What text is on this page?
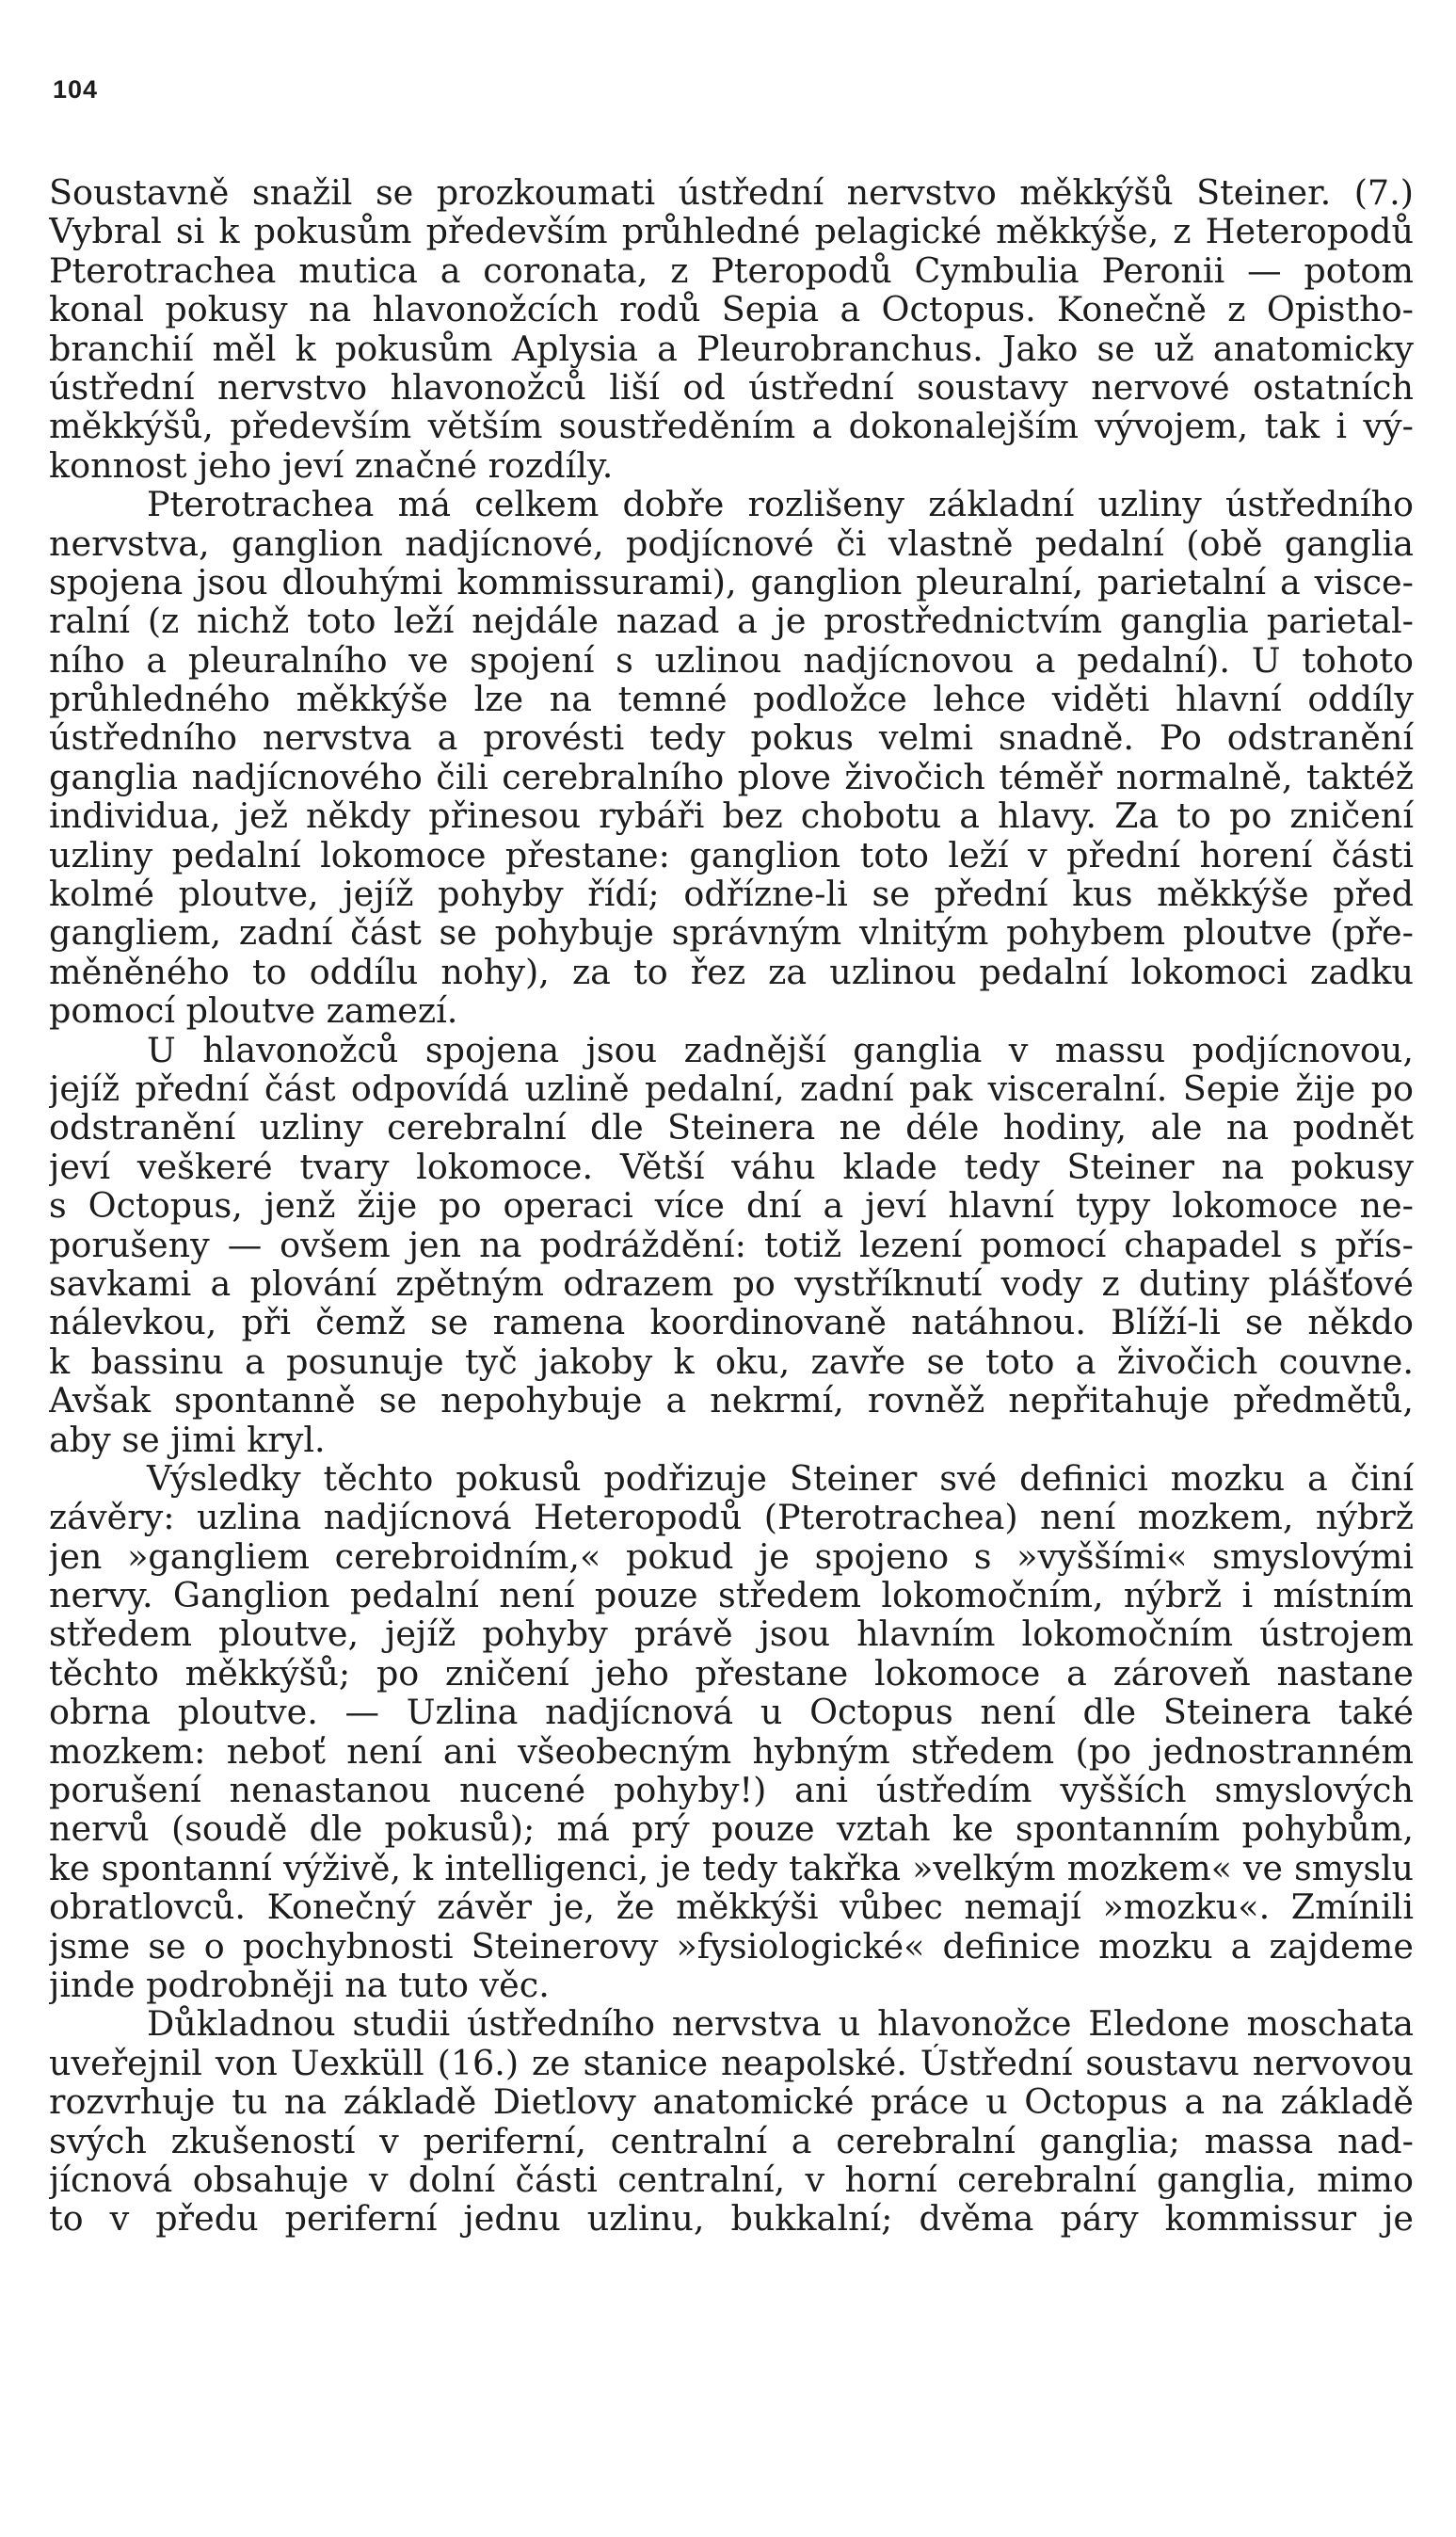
104
Soustavně snažil se prozkoumati ústřední nervstvo měkkýšů Steiner. (7.)
Vybral si k pokusům především průhledné pelagické měkkýše, z Heteropodů
Pterotrachea mutica a coronata, z Pteropodů Cymbulia Peronii — potom
konal pokusy na hlavonožcích rodů Sepia a Octopus. Konečně z Opistho-
branchií měl k pokusům Aplysia a Pleurobranchus. Jako se už anatomicky
ústřední nervstvo hlavonožců liší od ústřední soustavy nervové ostatních
měkkýšů, především větším soustředěním a dokonalejším vývojem, tak i vý-
konnost jeho jeví značné rozdíly.
Pterotrachea má celkem dobře rozlišeny základní uzliny ústředního
nervstva, ganglion nadjícnové, podjícnové či vlastně pedalní (obě ganglia
spojena jsou dlouhými kommissurami), ganglion pleuralní, parietalní a visce-
ralní (z nichž toto leží nejdále nazad a je prostřednictvím ganglia parietal-
ního a pleuralního ve spojení s uzlinou nadjícnovou a pedalní). U tohoto
průhledného měkkýše lze na temné podložce lehce viděti hlavní oddíly
ústředního nervstva a provésti tedy pokus velmi snadně. Po odstranění
ganglia nadjícnového čili cerebralního plove živočich téměř normalně, taktéž
individua, jež někdy přinesou rybáři bez chobotu a hlavy. Za to po zničení
uzliny pedalní lokomoce přestane: ganglion toto leží v přední horení části
kolmé ploutve, jejíž pohyby řídí; odřízne-li se přední kus měkkýše před
gangliem, zadní část se pohybuje správným vlnitým pohybem ploutve (pře-
měněného to oddílu nohy), za to řez za uzlinou pedalní lokomoci zadku
pomocí ploutve zamezí.
U hlavonožců spojena jsou zadnější ganglia v massu podjícnovou,
jejíž přední část odpovídá uzlině pedalní, zadní pak visceralní. Sepie žije po
odstranění uzliny cerebralní dle Steinera ne déle hodiny, ale na podnět
jeví veškeré tvary lokomoce. Větší váhu klade tedy Steiner na pokusy
s Octopus, jenž žije po operaci více dní a jeví hlavní typy lokomoce ne-
porušeny — ovšem jen na podráždění: totiž lezení pomocí chapadel s přís-
savkami a plování zpětným odrazem po vystříknutí vody z dutiny plášťové
nálevkou, při čemž se ramena koordinovaně natáhnou. Blíží-li se někdo
k bassinu a posunuje tyč jakoby k oku, zavře se toto a živočich couvne.
Avšak spontanně se nepohybuje a nekrmí, rovněž nepřitahuje předmětů,
aby se jimi kryl.
Výsledky těchto pokusů podřizuje Steiner své definici mozku a činí
závěry: uzlina nadjícnová Heteropodů (Pterotrachea) není mozkem, nýbrž
jen »gangliem cerebroidním,« pokud je spojeno s »vyššími« smyslovými
nervy. Ganglion pedalní není pouze středem lokomočním, nýbrž i místním
středem ploutve, jejíž pohyby právě jsou hlavním lokomočním ústrojem
těchto měkkýšů; po zničení jeho přestane lokomoce a zároveň nastane
obrna ploutve. — Uzlina nadjícnová u Octopus není dle Steinera také
mozkem: neboť není ani všeobecným hybným středem (po jednostranném
porušení nenastanou nucené pohyby!) ani ústředím vyšších smyslových
nervů (soudě dle pokusů); má prý pouze vztah ke spontanním pohybům,
ke spontanní výživě, k intelligenci, je tedy takřka »velkým mozkem« ve smyslu
obratlovců. Konečný závěr je, že měkkýši vůbec nemají »mozku«. Zmínili
jsme se o pochybnosti Steinerovy »fysiologické« definice mozku a zajdeme
jinde podrobněji na tuto věc.
Důkladnou studii ústředního nervstva u hlavonožce Eledone moschata
uveřejnil von Uexküll (16.) ze stanice neapolské. Ústřední soustavu nervovou
rozvrhuje tu na základě Dietlovy anatomické práce u Octopus a na základě
svých zkušeností v periferní, centralní a cerebralní ganglia; massa nad-
jícnová obsahuje v dolní části centralní, v horní cerebralní ganglia, mimo
to v předu periferní jednu uzlinu, bukkalní; dvěma páry kommissur je
